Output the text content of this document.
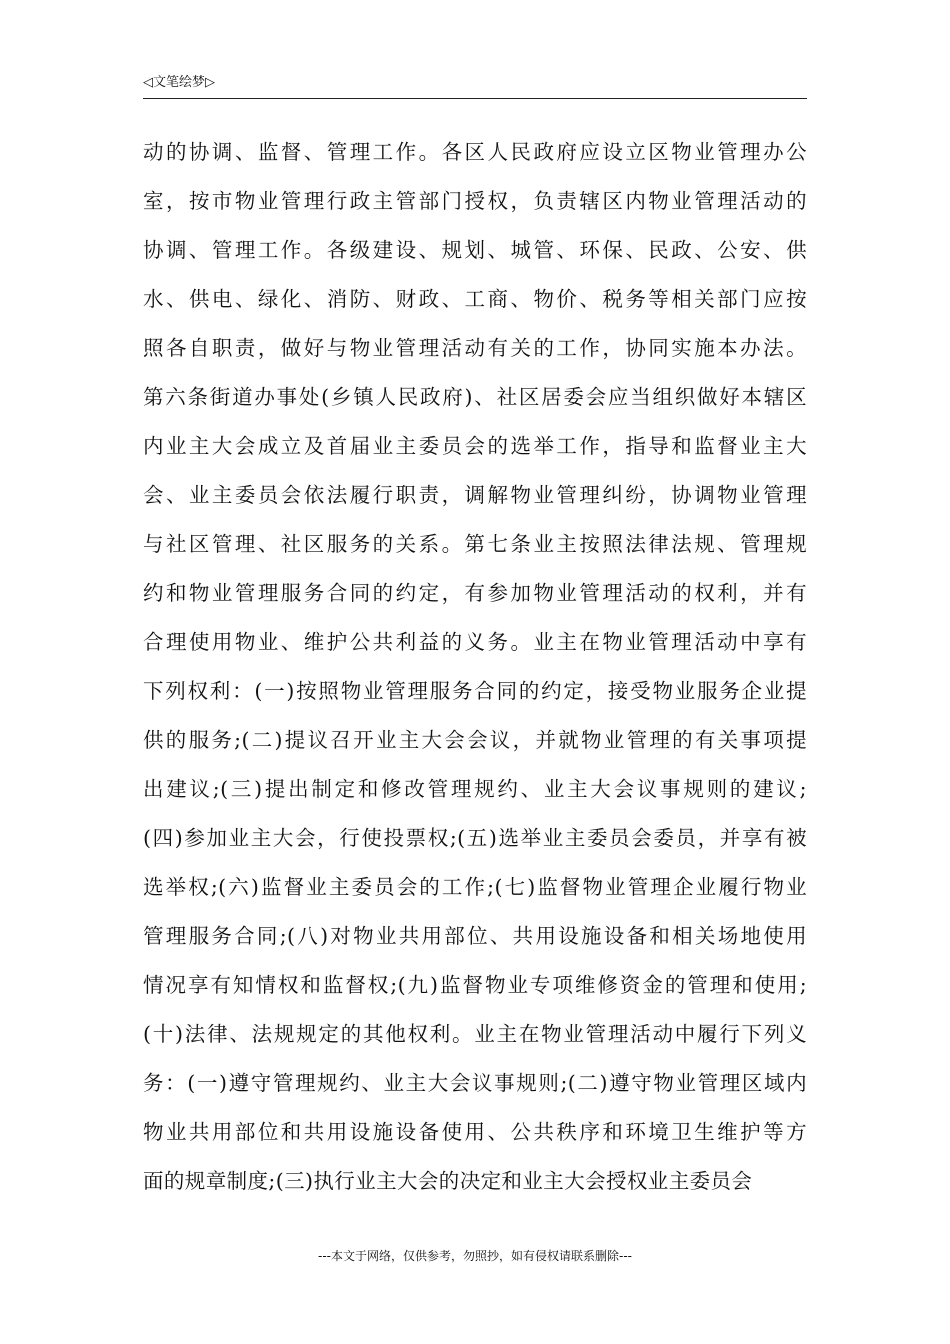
◁文笔绘梦▷
动的协调、监督、管理工作。各区人民政府应设立区物业管理办公
室，按市物业管理行政主管部门授权，负责辖区内物业管理活动的
协调、管理工作。各级建设、规划、城管、环保、民政、公安、供
水、供电、绿化、消防、财政、工商、物价、税务等相关部门应按
照各自职责，做好与物业管理活动有关的工作，协同实施本办法。
第六条街道办事处(乡镇人民政府)、社区居委会应当组织做好本辖区
内业主大会成立及首届业主委员会的选举工作，指导和监督业主大
会、业主委员会依法履行职责，调解物业管理纠纷，协调物业管理
与社区管理、社区服务的关系。第七条业主按照法律法规、管理规
约和物业管理服务合同的约定，有参加物业管理活动的权利，并有
合理使用物业、维护公共利益的义务。业主在物业管理活动中享有
下列权利：(一)按照物业管理服务合同的约定，接受物业服务企业提
供的服务;(二)提议召开业主大会会议，并就物业管理的有关事项提
出建议;(三)提出制定和修改管理规约、业主大会议事规则的建议;
(四)参加业主大会，行使投票权;(五)选举业主委员会委员，并享有被
选举权;(六)监督业主委员会的工作;(七)监督物业管理企业履行物业
管理服务合同;(八)对物业共用部位、共用设施设备和相关场地使用
情况享有知情权和监督权;(九)监督物业专项维修资金的管理和使用;
(十)法律、法规规定的其他权利。业主在物业管理活动中履行下列义
务：(一)遵守管理规约、业主大会议事规则;(二)遵守物业管理区域内
物业共用部位和共用设施设备使用、公共秩序和环境卫生维护等方
面的规章制度;(三)执行业主大会的决定和业主大会授权业主委员会
---本文于网络，仅供参考，勿照抄，如有侵权请联系删除---
